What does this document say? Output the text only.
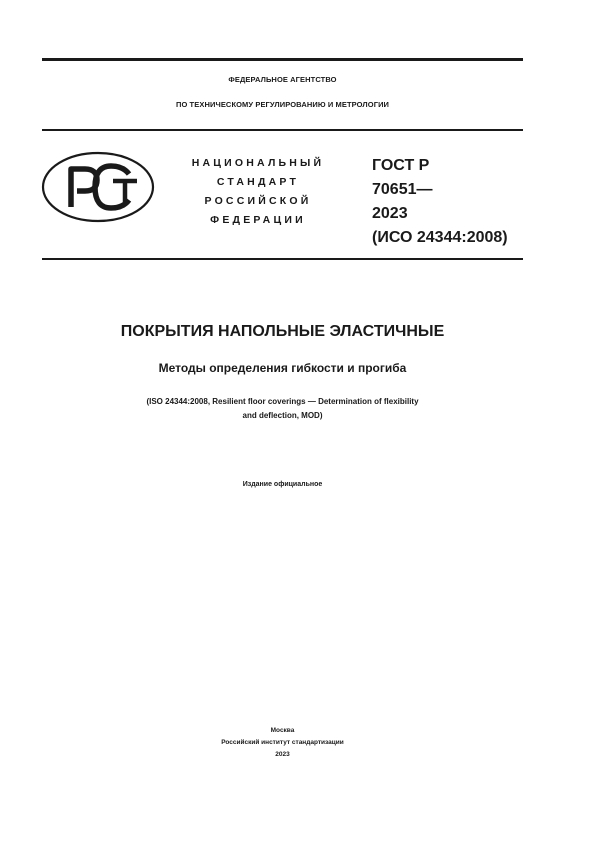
ФЕДЕРАЛЬНОЕ АГЕНТСТВО
ПО ТЕХНИЧЕСКОМУ РЕГУЛИРОВАНИЮ И МЕТРОЛОГИИ
НАЦИОНАЛЬНЫЙ
СТАНДАРТ
РОССИЙСКОЙ
ФЕДЕРАЦИИ
ГОСТ Р
70651—
2023
(ИСО 24344:2008)
ПОКРЫТИЯ НАПОЛЬНЫЕ ЭЛАСТИЧНЫЕ
Методы определения гибкости и прогиба
(ISO 24344:2008, Resilient floor coverings — Determination of flexibility
and deflection, MOD)
Издание официальное
Москва
Российский институт стандартизации
2023
